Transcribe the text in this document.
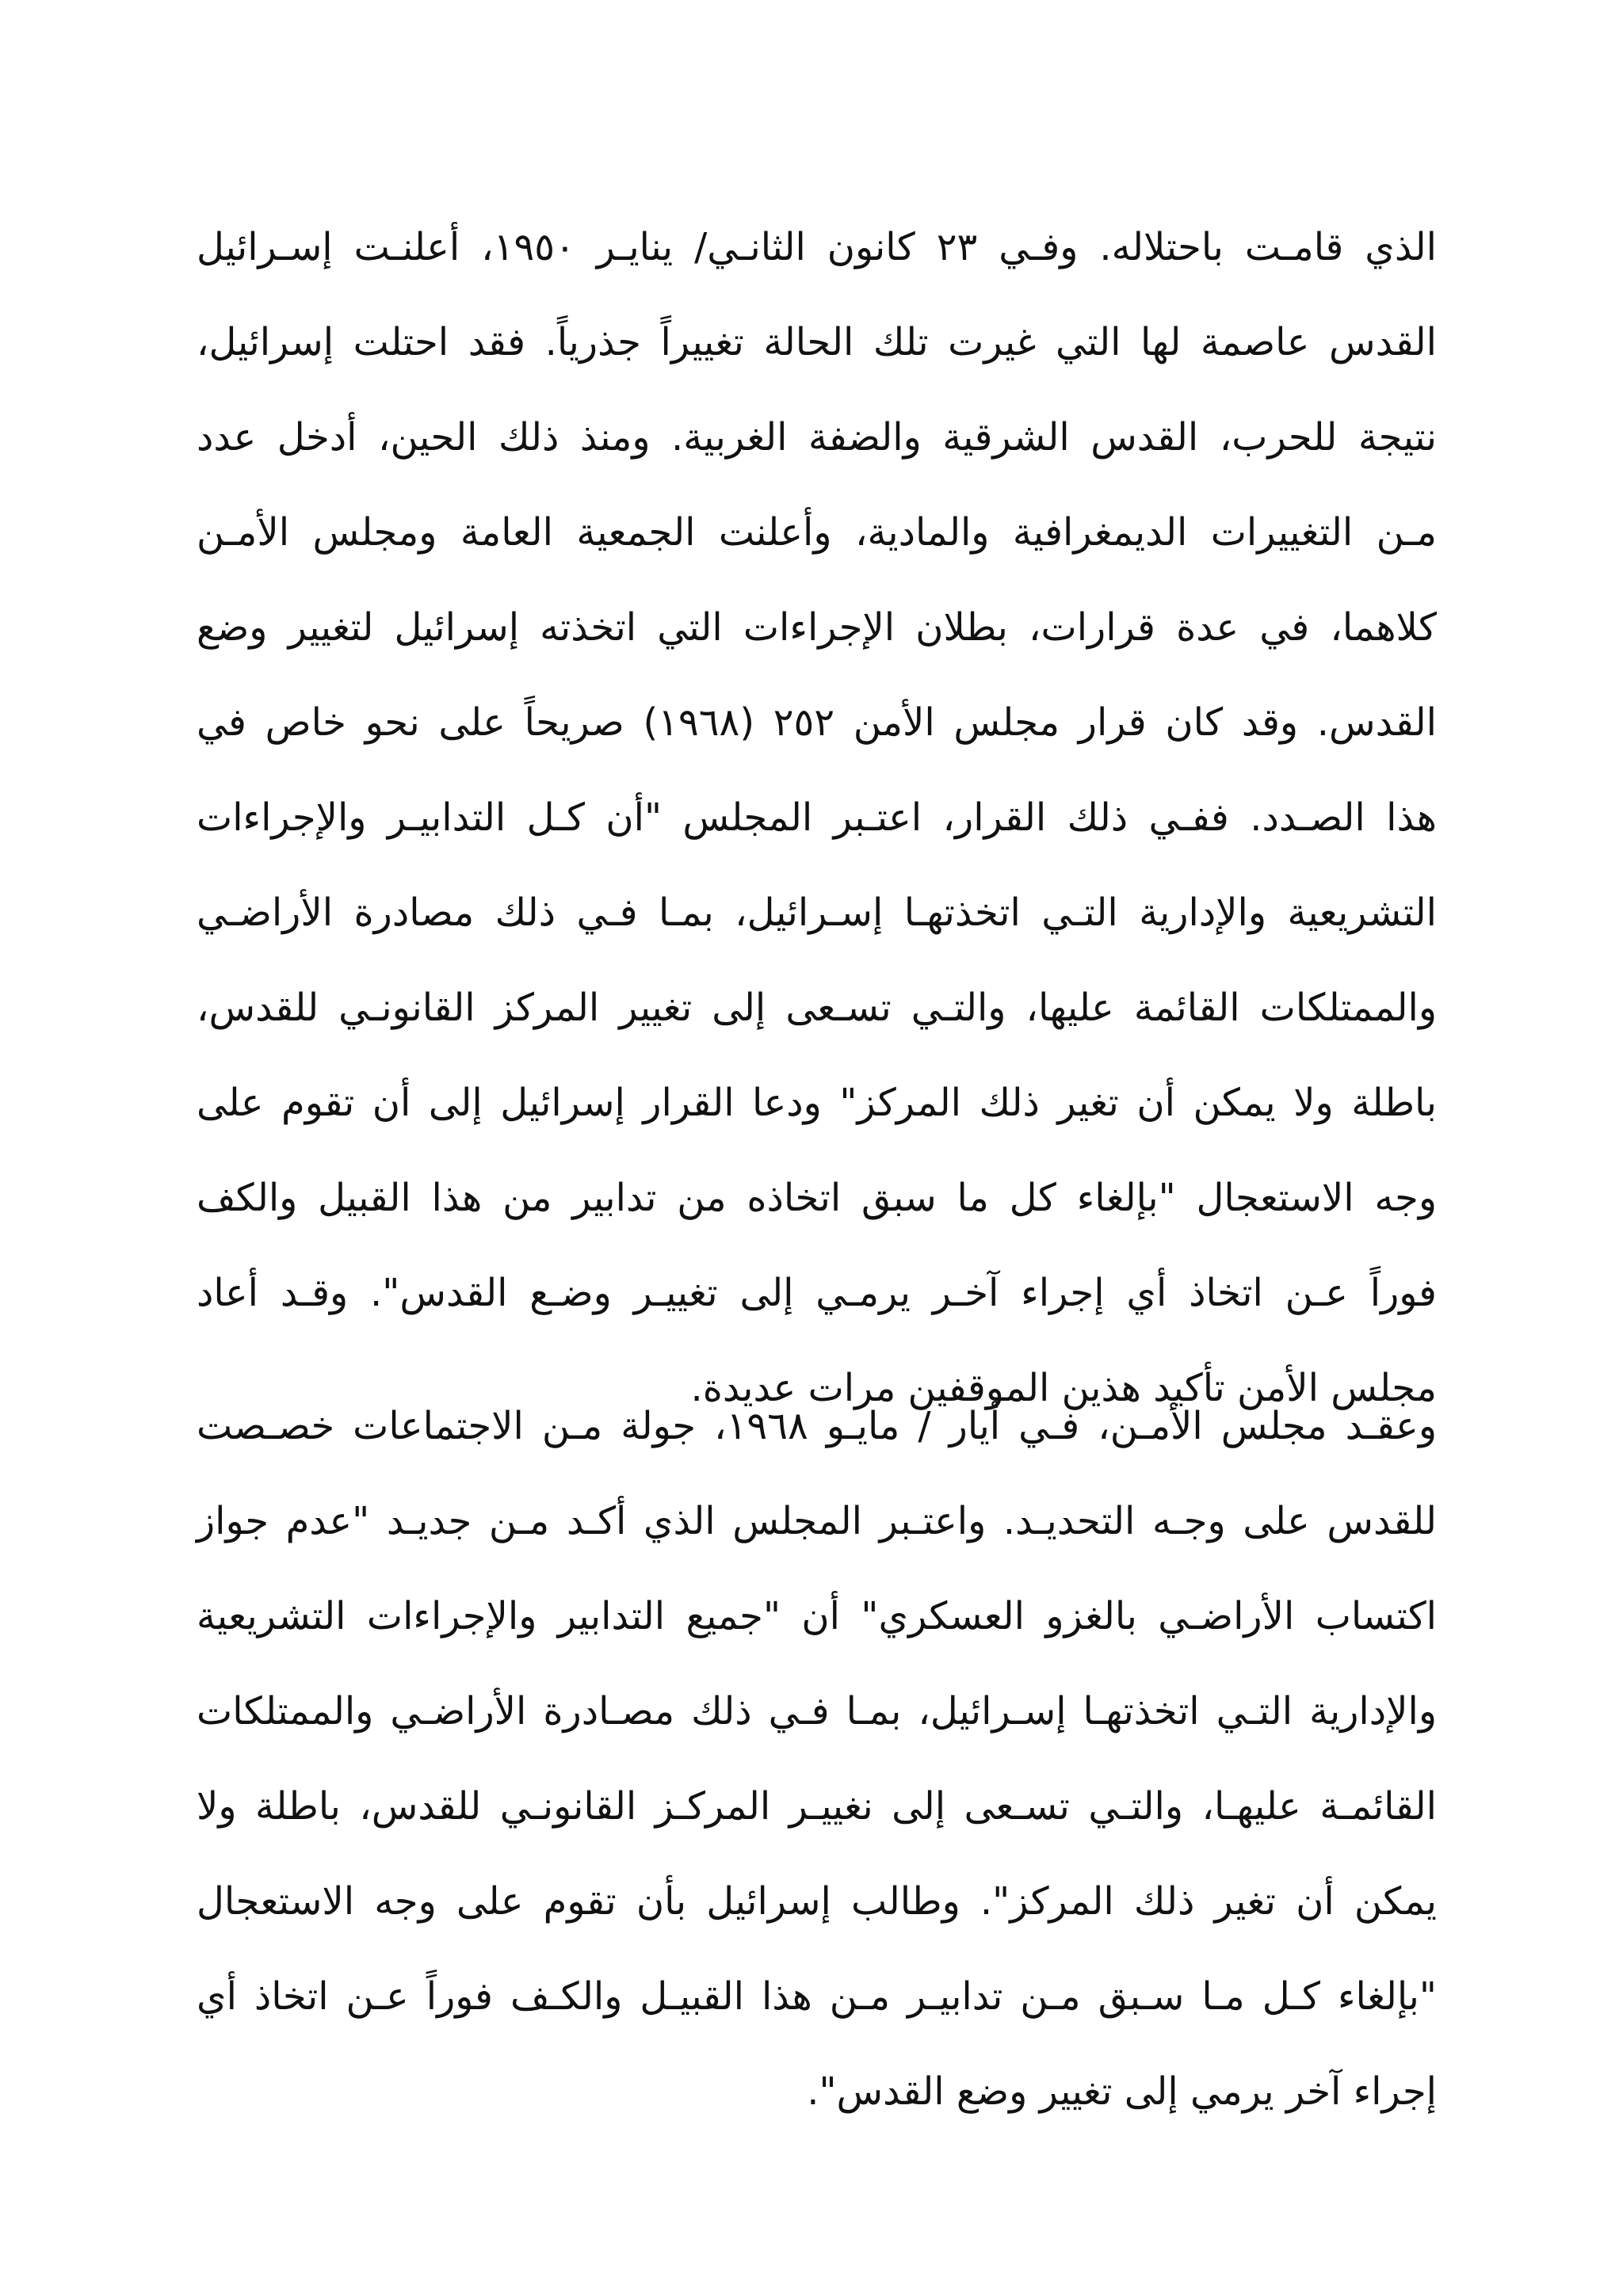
الذي قامـت باحتلاله. وفـي ٢٣ كانون الثانـي/ ينايـر ١٩٥٠، أعلنـت إسـرائيل
القدس عاصمة لها التي غيرت تلك الحالة تغييراً جذرياً. فقد احتلت إسرائيل،
نتيجة للحرب، القدس الشرقية والضفة الغربية. ومنذ ذلك الحين، أدخل عدد
مـن التغييرات الديمغرافية والمادية، وأعلنت الجمعية العامة ومجلس الأمـن
كلاهما، في عدة قرارات، بطلان الإجراءات التي اتخذته إسرائيل لتغيير وضع
القدس. وقد كان قرار مجلس الأمن ٢٥٢ (١٩٦٨) صريحاً على نحو خاص في
هذا الصـدد. ففـي ذلك القرار، اعتـبر المجلس "أن كـل التدابيـر والإجراءات
التشريعية والإدارية التـي اتخذتهـا إسـرائيل، بمـا فـي ذلك مصادرة الأراضـي
والممتلكات القائمة عليها، والتـي تسـعى إلى تغيير المركز القانونـي للقدس،
باطلة ولا يمكن أن تغير ذلك المركز" ودعا القرار إسرائيل إلى أن تقوم على
وجه الاستعجال "بإلغاء كل ما سبق اتخاذه من تدابير من هذا القبيل والكف
فوراً عـن اتخاذ أي إجراء آخـر يرمـي إلى تغييـر وضـع القدس". وقـد أعاد
مجلس الأمن تأكيد هذين الموقفين مرات عديدة.
وعقـد مجلس الأمـن، فـي أيار / مايـو ١٩٦٨، جولة مـن الاجتماعات خصـصت
للقدس على وجـه التحديـد. واعتـبر المجلس الذي أكـد مـن جديـد "عدم جواز
اكتساب الأراضـي بالغزو العسكري" أن "جميع التدابير والإجراءات التشريعية
والإدارية التـي اتخذتهـا إسـرائيل، بمـا فـي ذلك مصـادرة الأراضـي والممتلكات
القائمـة عليهـا، والتـي تسـعى إلى نغييـر المركـز القانونـي للقدس، باطلة ولا
يمكن أن تغير ذلك المركز". وطالب إسرائيل بأن تقوم على وجه الاستعجال
"بإلغاء كـل مـا سـبق مـن تدابيـر مـن هذا القبيـل والكـف فوراً عـن اتخاذ أي
إجراء آخر يرمي إلى تغيير وضع القدس".
